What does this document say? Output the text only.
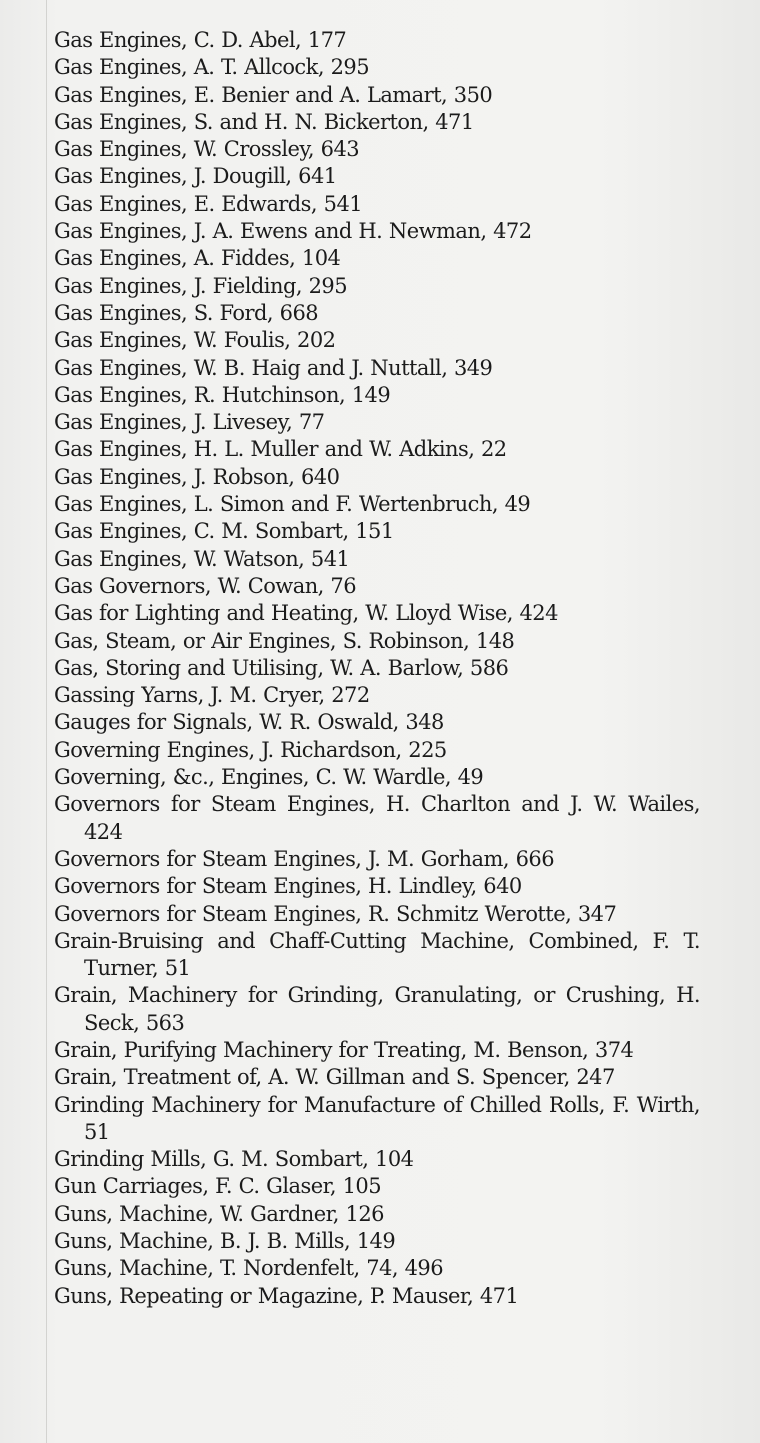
Gas Engines, C. D. Abel, 177
Gas Engines, A. T. Allcock, 295
Gas Engines, E. Benier and A. Lamart, 350
Gas Engines, S. and H. N. Bickerton, 471
Gas Engines, W. Crossley, 643
Gas Engines, J. Dougill, 641
Gas Engines, E. Edwards, 541
Gas Engines, J. A. Ewens and H. Newman, 472
Gas Engines, A. Fiddes, 104
Gas Engines, J. Fielding, 295
Gas Engines, S. Ford, 668
Gas Engines, W. Foulis, 202
Gas Engines, W. B. Haig and J. Nuttall, 349
Gas Engines, R. Hutchinson, 149
Gas Engines, J. Livesey, 77
Gas Engines, H. L. Muller and W. Adkins, 22
Gas Engines, J. Robson, 640
Gas Engines, L. Simon and F. Wertenbruch, 49
Gas Engines, C. M. Sombart, 151
Gas Engines, W. Watson, 541
Gas Governors, W. Cowan, 76
Gas for Lighting and Heating, W. Lloyd Wise, 424
Gas, Steam, or Air Engines, S. Robinson, 148
Gas, Storing and Utilising, W. A. Barlow, 586
Gassing Yarns, J. M. Cryer, 272
Gauges for Signals, W. R. Oswald, 348
Governing Engines, J. Richardson, 225
Governing, &c., Engines, C. W. Wardle, 49
Governors for Steam Engines, H. Charlton and J. W. Wailes, 424
Governors for Steam Engines, J. M. Gorham, 666
Governors for Steam Engines, H. Lindley, 640
Governors for Steam Engines, R. Schmitz Werotte, 347
Grain-Bruising and Chaff-Cutting Machine, Combined, F. T. Turner, 51
Grain, Machinery for Grinding, Granulating, or Crushing, H. Seck, 563
Grain, Purifying Machinery for Treating, M. Benson, 374
Grain, Treatment of, A. W. Gillman and S. Spencer, 247
Grinding Machinery for Manufacture of Chilled Rolls, F. Wirth, 51
Grinding Mills, G. M. Sombart, 104
Gun Carriages, F. C. Glaser, 105
Guns, Machine, W. Gardner, 126
Guns, Machine, B. J. B. Mills, 149
Guns, Machine, T. Nordenfelt, 74, 496
Guns, Repeating or Magazine, P. Mauser, 471
